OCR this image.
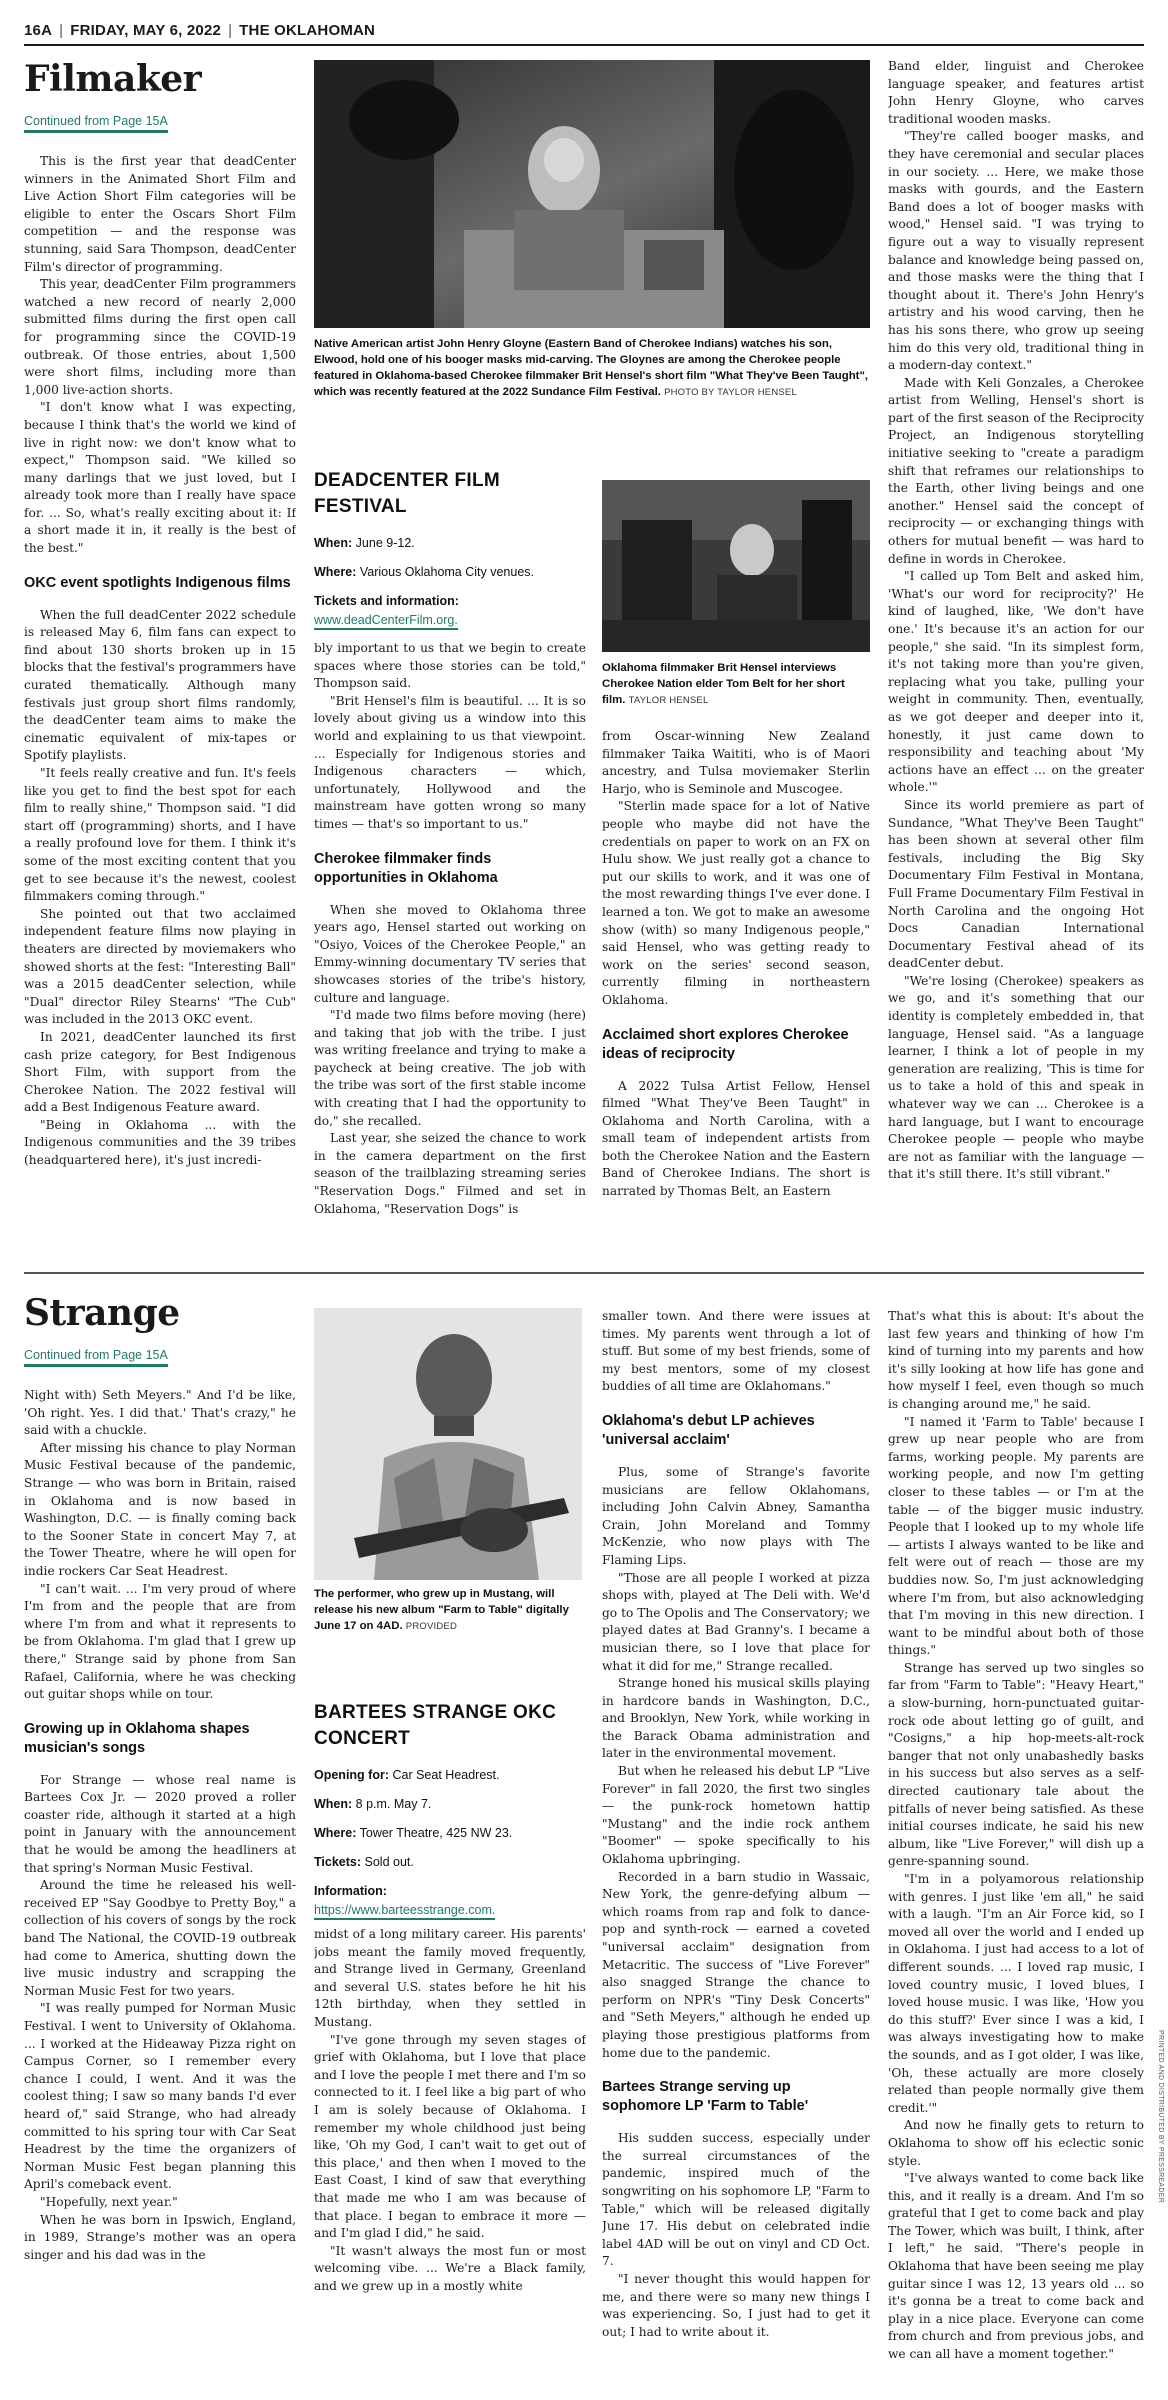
16A | FRIDAY, MAY 6, 2022 | THE OKLAHOMAN
PRINTED AND DISTRIBUTED BY PRESSREADER
Filmaker
Continued from Page 15A

This is the first year that deadCenter winners in the Animated Short Film and Live Action Short Film categories will be eligible to enter the Oscars Short Film competition — and the response was stunning, said Sara Thompson, deadCenter Film's director of programming.

This year, deadCenter Film programmers watched a new record of nearly 2,000 submitted films during the first open call for programming since the COVID-19 outbreak. Of those entries, about 1,500 were short films, including more than 1,000 live-action shorts.

"I don't know what I was expecting, because I think that's the world we kind of live in right now: we don't know what to expect," Thompson said. "We killed so many darlings that we just loved, but I already took more than I really have space for. ... So, what's really exciting about it: If a short made it in, it really is the best of the best."

OKC event spotlights Indigenous films

When the full deadCenter 2022 schedule is released May 6, film fans can expect to find about 130 shorts broken up in 15 blocks that the festival's programmers have curated thematically. Although many festivals just group short films randomly, the deadCenter team aims to make the cinematic equivalent of mix-tapes or Spotify playlists.

"It feels really creative and fun. It's feels like you get to find the best spot for each film to really shine," Thompson said. "I did start off (programming) shorts, and I have a really profound love for them. I think it's some of the most exciting content that you get to see because it's the newest, coolest filmmakers coming through."

She pointed out that two acclaimed independent feature films now playing in theaters are directed by moviemakers who showed shorts at the fest: "Interesting Ball" was a 2015 deadCenter selection, while "Dual" director Riley Stearns' "The Cub" was included in the 2013 OKC event.

In 2021, deadCenter launched its first cash prize category, for Best Indigenous Short Film, with support from the Cherokee Nation. The 2022 festival will add a Best Indigenous Feature award.

"Being in Oklahoma ... with the Indigenous communities and the 39 tribes (headquartered here), it's just incredi-

Native American artist John Henry Gloyne (Eastern Band of Cherokee Indians) watches his son, Elwood, hold one of his booger masks mid-carving. The Gloynes are among the Cherokee people featured in Oklahoma-based Cherokee filmmaker Brit Hensel's short film "What They've Been Taught", which was recently featured at the 2022 Sundance Film Festival. PHOTO BY TAYLOR HENSEL
DEADCENTER FILM FESTIVAL
When: June 9-12.
Where: Various Oklahoma City venues.
Tickets and information:
www.deadCenterFilm.org.

bly important to us that we begin to create spaces where those stories can be told," Thompson said.

"Brit Hensel's film is beautiful. ... It is so lovely about giving us a window into this world and explaining to us that viewpoint. ... Especially for Indigenous stories and Indigenous characters — which, unfortunately, Hollywood and the mainstream have gotten wrong so many times — that's so important to us."

Cherokee filmmaker finds opportunities in Oklahoma

When she moved to Oklahoma three years ago, Hensel started out working on "Osiyo, Voices of the Cherokee People," an Emmy-winning documentary TV series that showcases stories of the tribe's history, culture and language.

"I'd made two films before moving (here) and taking that job with the tribe. I just was writing freelance and trying to make a paycheck at being creative. The job with the tribe was sort of the first stable income with creating that I had the opportunity to do," she recalled.

Last year, she seized the chance to work in the camera department on the first season of the trailblazing streaming series "Reservation Dogs." Filmed and set in Oklahoma, "Reservation Dogs" is

Oklahoma filmmaker Brit Hensel interviews Cherokee Nation elder Tom Belt for her short film. TAYLOR HENSEL

from Oscar-winning New Zealand filmmaker Taika Waititi, who is of Maori ancestry, and Tulsa moviemaker Sterlin Harjo, who is Seminole and Muscogee.

"Sterlin made space for a lot of Native people who maybe did not have the credentials on paper to work on an FX on Hulu show. We just really got a chance to put our skills to work, and it was one of the most rewarding things I've ever done. I learned a ton. We got to make an awesome show (with) so many Indigenous people," said Hensel, who was getting ready to work on the series' second season, currently filming in northeastern Oklahoma.

Acclaimed short explores Cherokee ideas of reciprocity

A 2022 Tulsa Artist Fellow, Hensel filmed "What They've Been Taught" in Oklahoma and North Carolina, with a small team of independent artists from both the Cherokee Nation and the Eastern Band of Cherokee Indians. The short is narrated by Thomas Belt, an Eastern

Band elder, linguist and Cherokee language speaker, and features artist John Henry Gloyne, who carves traditional wooden masks.

"They're called booger masks, and they have ceremonial and secular places in our society. ... Here, we make those masks with gourds, and the Eastern Band does a lot of booger masks with wood," Hensel said. "I was trying to figure out a way to visually represent balance and knowledge being passed on, and those masks were the thing that I thought about it. There's John Henry's artistry and his wood carving, then he has his sons there, who grow up seeing him do this very old, traditional thing in a modern-day context."

Made with Keli Gonzales, a Cherokee artist from Welling, Hensel's short is part of the first season of the Reciprocity Project, an Indigenous storytelling initiative seeking to "create a paradigm shift that reframes our relationships to the Earth, other living beings and one another." Hensel said the concept of reciprocity — or exchanging things with others for mutual benefit — was hard to define in words in Cherokee.

"I called up Tom Belt and asked him, 'What's our word for reciprocity?' He kind of laughed, like, 'We don't have one.' It's because it's an action for our people," she said. "In its simplest form, it's not taking more than you're given, replacing what you take, pulling your weight in community. Then, eventually, as we got deeper and deeper into it, honestly, it just came down to responsibility and teaching about 'My actions have an effect ... on the greater whole.'"

Since its world premiere as part of Sundance, "What They've Been Taught" has been shown at several other film festivals, including the Big Sky Documentary Film Festival in Montana, Full Frame Documentary Film Festival in North Carolina and the ongoing Hot Docs Canadian International Documentary Festival ahead of its deadCenter debut.

"We're losing (Cherokee) speakers as we go, and it's something that our identity is completely embedded in, that language, Hensel said. "As a language learner, I think a lot of people in my generation are realizing, 'This is time for us to take a hold of this and speak in whatever way we can ... Cherokee is a hard language, but I want to encourage Cherokee people — people who maybe are not as familiar with the language — that it's still there. It's still vibrant."

Strange
Continued from Page 15A

Night with) Seth Meyers." And I'd be like, 'Oh right. Yes. I did that.' That's crazy," he said with a chuckle.

After missing his chance to play Norman Music Festival because of the pandemic, Strange — who was born in Britain, raised in Oklahoma and is now based in Washington, D.C. — is finally coming back to the Sooner State in concert May 7, at the Tower Theatre, where he will open for indie rockers Car Seat Headrest.

"I can't wait. ... I'm very proud of where I'm from and the people that are from where I'm from and what it represents to be from Oklahoma. I'm glad that I grew up there," Strange said by phone from San Rafael, California, where he was checking out guitar shops while on tour.

Growing up in Oklahoma shapes musician's songs

For Strange — whose real name is Bartees Cox Jr. — 2020 proved a roller coaster ride, although it started at a high point in January with the announcement that he would be among the headliners at that spring's Norman Music Festival.

Around the time he released his well-received EP "Say Goodbye to Pretty Boy," a collection of his covers of songs by the rock band The National, the COVID-19 outbreak had come to America, shutting down the live music industry and scrapping the Norman Music Fest for two years.

"I was really pumped for Norman Music Festival. I went to University of Oklahoma. ... I worked at the Hideaway Pizza right on Campus Corner, so I remember every chance I could, I went. And it was the coolest thing; I saw so many bands I'd ever heard of," said Strange, who had already committed to his spring tour with Car Seat Headrest by the time the organizers of Norman Music Fest began planning this April's comeback event.

"Hopefully, next year."

When he was born in Ipswich, England, in 1989, Strange's mother was an opera singer and his dad was in the

The performer, who grew up in Mustang, will release his new album "Farm to Table" digitally June 17 on 4AD. PROVIDED
BARTEES STRANGE OKC CONCERT
Opening for: Car Seat Headrest.
When: 8 p.m. May 7.
Where: Tower Theatre, 425 NW 23.
Tickets: Sold out.
Information:
https://www.barteesstrange.com.

midst of a long military career. His parents' jobs meant the family moved frequently, and Strange lived in Germany, Greenland and several U.S. states before he hit his 12th birthday, when they settled in Mustang.

"I've gone through my seven stages of grief with Oklahoma, but I love that place and I love the people I met there and I'm so connected to it. I feel like a big part of who I am is solely because of Oklahoma. I remember my whole childhood just being like, 'Oh my God, I can't wait to get out of this place,' and then when I moved to the East Coast, I kind of saw that everything that made me who I am was because of that place. I began to embrace it more — and I'm glad I did," he said.

"It wasn't always the most fun or most welcoming vibe. ... We're a Black family, and we grew up in a mostly white

smaller town. And there were issues at times. My parents went through a lot of stuff. But some of my best friends, some of my best mentors, some of my closest buddies of all time are Oklahomans."

Oklahoma's debut LP achieves 'universal acclaim'

Plus, some of Strange's favorite musicians are fellow Oklahomans, including John Calvin Abney, Samantha Crain, John Moreland and Tommy McKenzie, who now plays with The Flaming Lips.

"Those are all people I worked at pizza shops with, played at The Deli with. We'd go to The Opolis and The Conservatory; we played dates at Bad Granny's. I became a musician there, so I love that place for what it did for me," Strange recalled.

Strange honed his musical skills playing in hardcore bands in Washington, D.C., and Brooklyn, New York, while working in the Barack Obama administration and later in the environmental movement.

But when he released his debut LP "Live Forever" in fall 2020, the first two singles — the punk-rock hometown hattip "Mustang" and the indie rock anthem "Boomer" — spoke specifically to his Oklahoma upbringing.

Recorded in a barn studio in Wassaic, New York, the genre-defying album — which roams from rap and folk to dance-pop and synth-rock — earned a coveted "universal acclaim" designation from Metacritic. The success of "Live Forever" also snagged Strange the chance to perform on NPR's "Tiny Desk Concerts" and "Seth Meyers," although he ended up playing those prestigious platforms from home due to the pandemic.

Bartees Strange serving up sophomore LP 'Farm to Table'

His sudden success, especially under the surreal circumstances of the pandemic, inspired much of the songwriting on his sophomore LP, "Farm to Table," which will be released digitally June 17. His debut on celebrated indie label 4AD will be out on vinyl and CD Oct. 7.

"I never thought this would happen for me, and there were so many new things I was experiencing. So, I just had to get it out; I had to write about it.

That's what this is about: It's about the last few years and thinking of how I'm kind of turning into my parents and how it's silly looking at how life has gone and how myself I feel, even though so much is changing around me," he said.

"I named it 'Farm to Table' because I grew up near people who are from farms, working people. My parents are working people, and now I'm getting closer to these tables — or I'm at the table — of the bigger music industry. People that I looked up to my whole life — artists I always wanted to be like and felt were out of reach — those are my buddies now. So, I'm just acknowledging where I'm from, but also acknowledging that I'm moving in this new direction. I want to be mindful about both of those things."

Strange has served up two singles so far from "Farm to Table": "Heavy Heart," a slow-burning, horn-punctuated guitar-rock ode about letting go of guilt, and "Cosigns," a hip hop-meets-alt-rock banger that not only unabashedly basks in his success but also serves as a self-directed cautionary tale about the pitfalls of never being satisfied. As these initial courses indicate, he said his new album, like "Live Forever," will dish up a genre-spanning sound.

"I'm in a polyamorous relationship with genres. I just like 'em all," he said with a laugh. "I'm an Air Force kid, so I moved all over the world and I ended up in Oklahoma. I just had access to a lot of different sounds. ... I loved rap music, I loved country music, I loved blues, I loved house music. I was like, 'How you do this stuff?' Ever since I was a kid, I was always investigating how to make the sounds, and as I got older, I was like, 'Oh, these actually are more closely related than people normally give them credit.'"

And now he finally gets to return to Oklahoma to show off his eclectic sonic style.

"I've always wanted to come back like this, and it really is a dream. And I'm so grateful that I get to come back and play The Tower, which was built, I think, after I left," he said. "There's people in Oklahoma that have been seeing me play guitar since I was 12, 13 years old ... so it's gonna be a treat to come back and play in a nice place. Everyone can come from church and from previous jobs, and we can all have a moment together."
